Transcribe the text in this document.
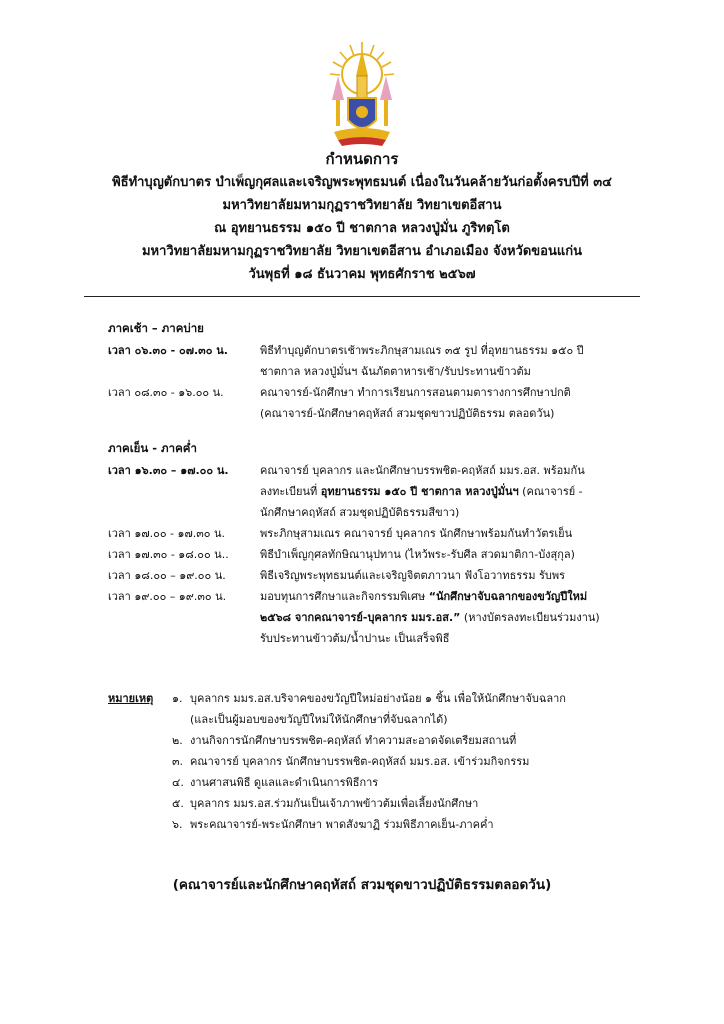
กำหนดการ
พิธีทำบุญตักบาตร บำเพ็ญกุศลและเจริญพระพุทธมนต์ เนื่องในวันคล้ายวันก่อตั้งครบปีที่ ๓๔
มหาวิทยาลัยมหามกุฏราชวิทยาลัย วิทยาเขตอีสาน
ณ อุทยานธรรม ๑๕๐ ปี ชาตกาล หลวงปู่มั่น ภูริทตฺโต
มหาวิทยาลัยมหามกุฏราชวิทยาลัย วิทยาเขตอีสาน อำเภอเมือง จังหวัดขอนแก่น
วันพุธที่ ๑๘ ธันวาคม พุทธศักราช ๒๕๖๗
ภาคเช้า – ภาคบ่าย
เวลา ๐๖.๓๐ - ๐๗.๓๐ น.	พิธีทำบุญตักบาตรเช้าพระภิกษุสามเณร ๓๕ รูป ที่อุทยานธรรม ๑๕๐ ปี
ชาตกาล หลวงปู่มั่นฯ ฉันภัตตาหารเช้า/รับประทานข้าวต้ม
เวลา ๐๘.๓๐ - ๑๖.๐๐ น.	คณาจารย์-นักศึกษา ทำการเรียนการสอนตามตารางการศึกษาปกติ
(คณาจารย์-นักศึกษาคฤหัสถ์ สวมชุดขาวปฏิบัติธรรม ตลอดวัน)
ภาคเย็น - ภาคค่ำ
เวลา ๑๖.๓๐ – ๑๗.๐๐ น.	คณาจารย์ บุคลากร และนักศึกษาบรรพชิต-คฤหัสถ์ มมร.อส. พร้อมกัน
ลงทะเบียนที่ อุทยานธรรม ๑๕๐ ปี ชาตกาล หลวงปู่มั่นฯ (คณาจารย์ -
นักศึกษาคฤหัสถ์ สวมชุดปฏิบัติธรรมสีขาว)
เวลา ๑๗.๐๐ - ๑๗.๓๐ น.	พระภิกษุสามเณร คณาจารย์ บุคลากร นักศึกษาพร้อมกันทำวัตรเย็น
เวลา ๑๗.๓๐ - ๑๘.๐๐ น..	พิธีบำเพ็ญกุศลทักษิณานุปทาน (ไหว้พระ-รับศีล สวดมาติกา-บังสุกุล)
เวลา ๑๘.๐๐ – ๑๙.๐๐ น.	พิธีเจริญพระพุทธมนต์และเจริญจิตตภาวนา ฟังโอวาทธรรม รับพร
เวลา ๑๙.๐๐ – ๑๙.๓๐ น.	มอบทุนการศึกษาและกิจกรรมพิเศษ “นักศึกษาจับฉลากของขวัญปีใหม่
๒๕๖๘ จากคณาจารย์-บุคลากร มมร.อส.” (หางบัตรลงทะเบียนร่วมงาน)
รับประทานข้าวต้ม/น้ำปานะ เป็นเสร็จพิธี
หมายเหตุ ๑. บุคลากร มมร.อส.บริจาคของขวัญปีใหม่อย่างน้อย ๑ ชิ้น เพื่อให้นักศึกษาจับฉลาก
(และเป็นผู้มอบของขวัญปีใหม่ให้นักศึกษาที่จับฉลากได้)
๒. งานกิจการนักศึกษาบรรพชิต-คฤหัสถ์ ทำความสะอาดจัดเตรียมสถานที่
๓. คณาจารย์ บุคลากร นักศึกษาบรรพชิต-คฤหัสถ์ มมร.อส. เข้าร่วมกิจกรรม
๔. งานศาสนพิธี ดูแลและดำเนินการพิธีการ
๕. บุคลากร มมร.อส.ร่วมกันเป็นเจ้าภาพข้าวต้มเพื่อเลี้ยงนักศึกษา
๖. พระคณาจารย์-พระนักศึกษา พาดสังฆาฏิ ร่วมพิธีภาคเย็น-ภาคค่ำ
(คณาจารย์และนักศึกษาคฤหัสถ์ สวมชุดขาวปฏิบัติธรรมตลอดวัน)
